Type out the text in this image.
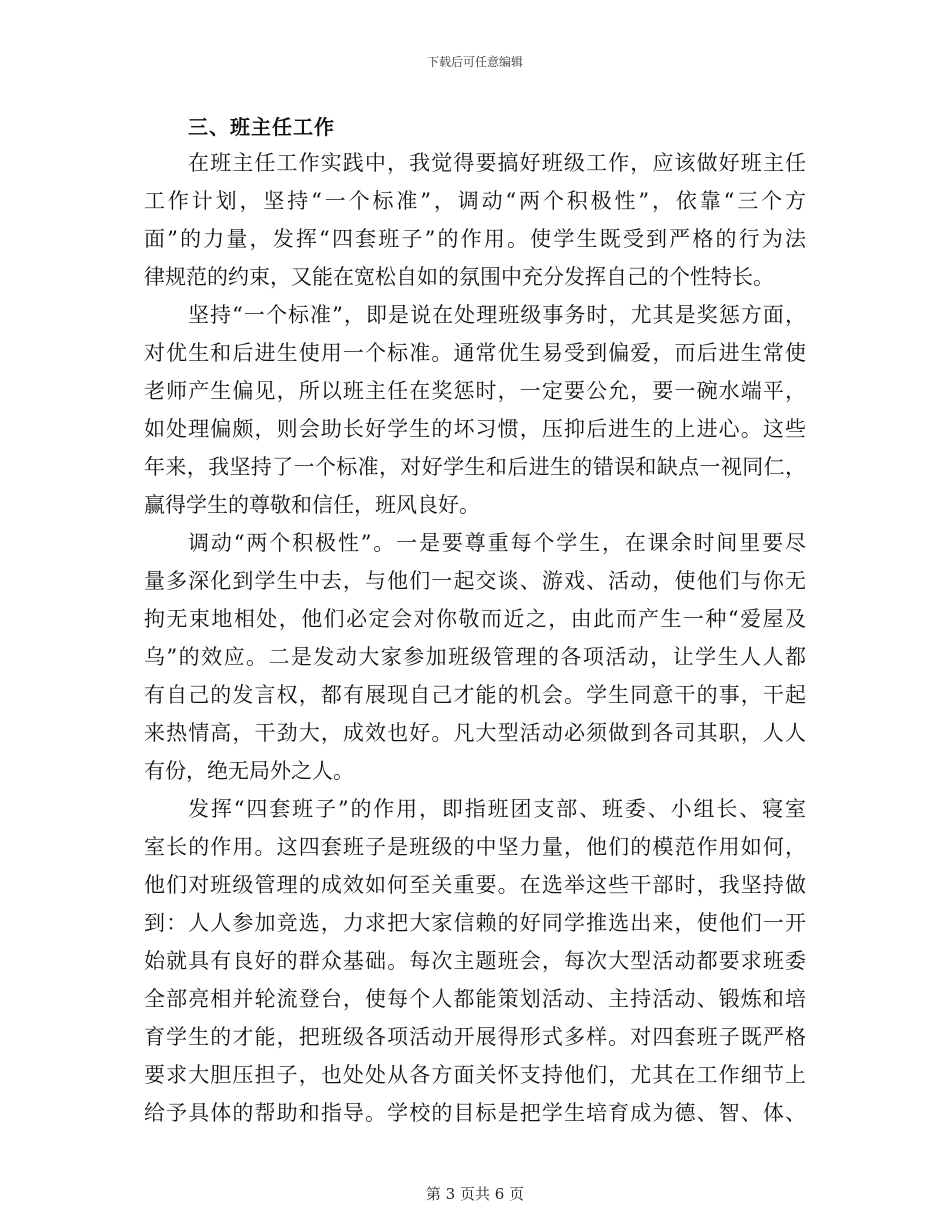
下载后可任意编辑
三、班主任工作
在班主任工作实践中，我觉得要搞好班级工作，应该做好班主任
工作计划，坚持“一个标准”，调动“两个积极性”，依靠“三个方
面”的力量，发挥“四套班子”的作用。使学生既受到严格的行为法
律规范的约束，又能在宽松自如的氛围中充分发挥自己的个性特长。
坚持“一个标准”，即是说在处理班级事务时，尤其是奖惩方面，
对优生和后进生使用一个标准。通常优生易受到偏爱，而后进生常使
老师产生偏见，所以班主任在奖惩时，一定要公允，要一碗水端平，
如处理偏颇，则会助长好学生的坏习惯，压抑后进生的上进心。这些
年来，我坚持了一个标准，对好学生和后进生的错误和缺点一视同仁，
赢得学生的尊敬和信任，班风良好。
调动“两个积极性”。一是要尊重每个学生，在课余时间里要尽
量多深化到学生中去，与他们一起交谈、游戏、活动，使他们与你无
拘无束地相处，他们必定会对你敬而近之，由此而产生一种“爱屋及
乌”的效应。二是发动大家参加班级管理的各项活动，让学生人人都
有自己的发言权，都有展现自己才能的机会。学生同意干的事，干起
来热情高，干劲大，成效也好。凡大型活动必须做到各司其职，人人
有份，绝无局外之人。
发挥“四套班子”的作用，即指班团支部、班委、小组长、寝室
室长的作用。这四套班子是班级的中坚力量，他们的模范作用如何，
他们对班级管理的成效如何至关重要。在选举这些干部时，我坚持做
到：人人参加竞选，力求把大家信赖的好同学推选出来，使他们一开
始就具有良好的群众基础。每次主题班会，每次大型活动都要求班委
全部亮相并轮流登台，使每个人都能策划活动、主持活动、锻炼和培
育学生的才能，把班级各项活动开展得形式多样。对四套班子既严格
要求大胆压担子，也处处从各方面关怀支持他们，尤其在工作细节上
给予具体的帮助和指导。学校的目标是把学生培育成为德、智、体、
第 3 页共 6 页
